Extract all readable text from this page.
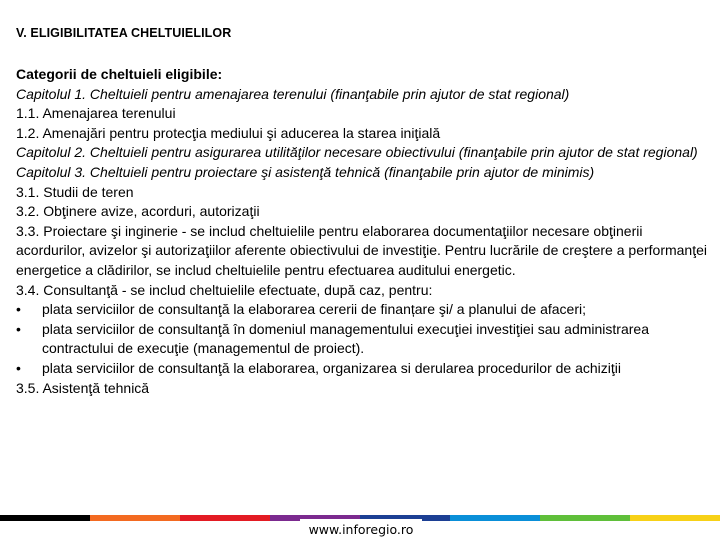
V. ELIGIBILITATEA CHELTUIELILOR
Categorii de cheltuieli eligibile:
Capitolul 1. Cheltuieli pentru amenajarea terenului (finanţabile prin ajutor de stat regional)
1.1. Amenajarea terenului
1.2. Amenajări pentru protecţia mediului şi aducerea la starea iniţială
Capitolul 2. Cheltuieli pentru asigurarea utilităţilor necesare obiectivului (finanţabile prin ajutor de stat regional)
Capitolul 3. Cheltuieli pentru proiectare şi asistenţă tehnică (finanţabile prin ajutor de minimis)
3.1. Studii de teren
3.2. Obţinere avize, acorduri, autorizaţii
3.3. Proiectare şi inginerie - se includ cheltuielile pentru elaborarea documentaţiilor necesare obţinerii acordurilor, avizelor şi autorizaţiilor aferente obiectivului de investiţie. Pentru lucrările de creştere a performanţei energetice a clădirilor, se includ cheltuielile pentru efectuarea auditului energetic.
3.4. Consultanţă - se includ cheltuielile efectuate, după caz, pentru:
• plata serviciilor de consultanţă la elaborarea cererii de finanțare şi/ a planului de afaceri;
• plata serviciilor de consultanţă în domeniul managementului execuţiei investiţiei sau administrarea contractului de execuţie (managementul de proiect).
• plata serviciilor de consultanţă la elaborarea, organizarea si derularea procedurilor de achiziţii
3.5. Asistenţă tehnică
www.inforegio.ro
